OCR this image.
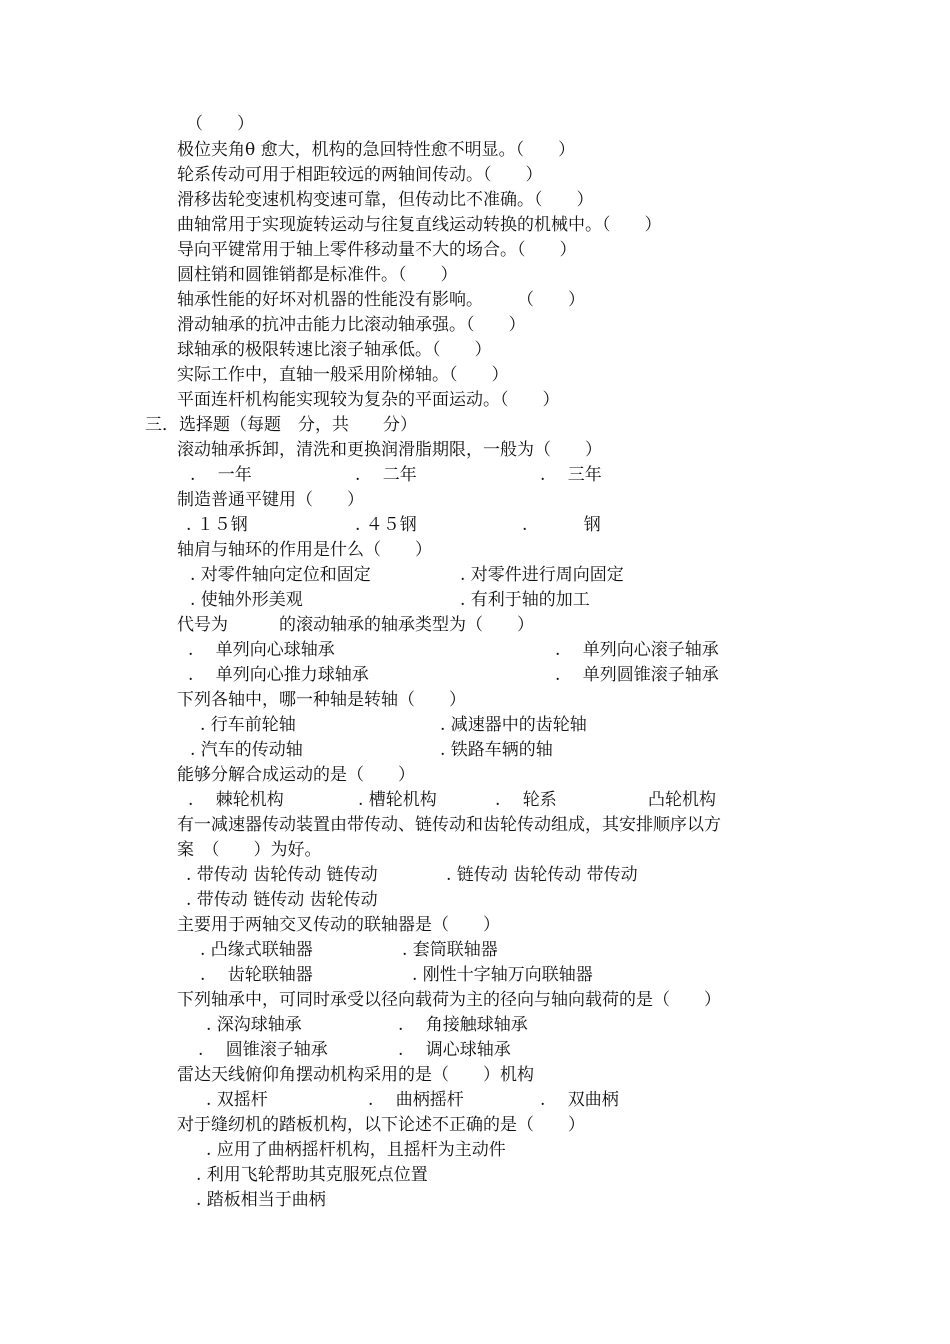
（　　）
极位夹角θ 愈大，机构的急回特性愈不明显。（　　）
轮系传动可用于相距较远的两轴间传动。（　　）
滑移齿轮变速机构变速可靠，但传动比不准确。（　　）
曲轴常用于实现旋转运动与往复直线运动转换的机械中。（　　）
导向平键常用于轴上零件移动量不大的场合。（　　）
圆柱销和圆锥销都是标准件。（　　）
轴承性能的好坏对机器的性能没有影响。　　　（　　）
滑动轴承的抗冲击能力比滚动轴承强。（　　）
球轴承的极限转速比滚子轴承低。（　　）
实际工作中，直轴一般采用阶梯轴。（　　）
平面连杆机构能实现较为复杂的平面运动。（　　）
三．选择题（每题　分，共　　分）
滚动轴承拆卸，清洗和更换润滑脂期限，一般为（　　）

. 　一年

	. 　二年

	. 　三年

制造普通平键用（　　）

. １５钢

	. ４５钢

	. 　　　钢

轴肩与轴环的作用是什么（　　）

. 对零件轴向定位和固定

	. 对零件进行周向固定

. 使轴外形美观

	. 有利于轴的加工

代号为　　　的滚动轴承的轴承类型为（　　）

. 　单列向心球轴承

	. 　单列向心滚子轴承

. 　单列向心推力球轴承

	. 　单列圆锥滚子轴承

下列各轴中，哪一种轴是转轴（　　）

. 行车前轮轴

	. 减速器中的齿轮轴

. 汽车的传动轴

	. 铁路车辆的轴

能够分解合成运动的是（　　）

. 　棘轮机构

	. 槽轮机构

	. 　轮系

	凸轮机构

有一减速器传动装置由带传动、链传动和齿轮传动组成，其安排顺序以方
案　（　　）为好。

. 带传动 齿轮传动 链传动

	. 链传动 齿轮传动 带传动

. 带传动 链传动 齿轮传动

主要用于两轴交叉传动的联轴器是（　　）

. 凸缘式联轴器

	. 套筒联轴器

. 　齿轮联轴器

	. 刚性十字轴万向联轴器

下列轴承中，可同时承受以径向载荷为主的径向与轴向载荷的是（　　）

. 深沟球轴承

	. 　角接触球轴承

. 　圆锥滚子轴承

	. 　调心球轴承

雷达天线俯仰角摆动机构采用的是（　　）机构

. 双摇杆

	. 　曲柄摇杆

	. 　双曲柄

对于缝纫机的踏板机构，以下论述不正确的是（　　）
. 应用了曲柄摇杆机构，且摇杆为主动件
. 利用飞轮帮助其克服死点位置
. 踏板相当于曲柄
